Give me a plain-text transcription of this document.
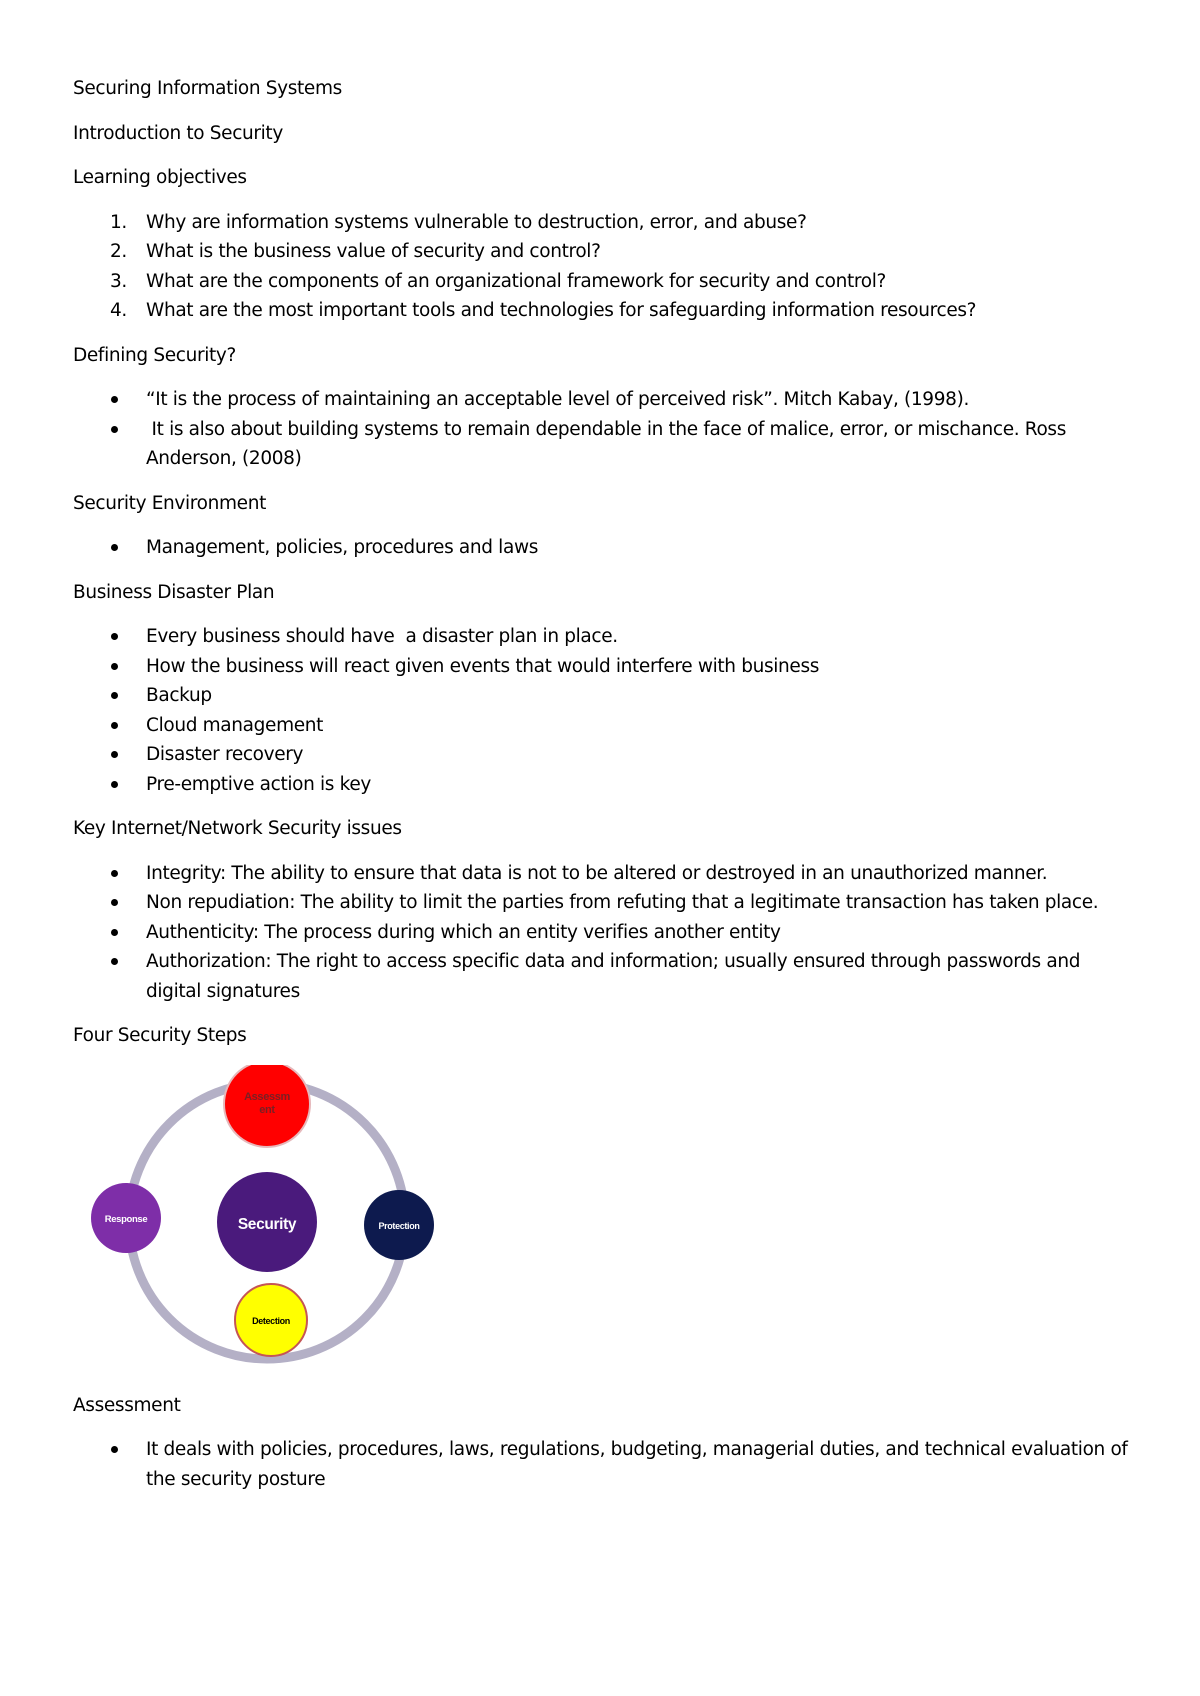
Securing Information Systems

Introduction to Security

Learning objectives

1. Why are information systems vulnerable to destruction, error, and abuse?
2. What is the business value of security and control?
3. What are the components of an organizational framework for security and control?
4. What are the most important tools and technologies for safeguarding information resources?

Defining Security?

“It is the process of maintaining an acceptable level of perceived risk”. Mitch Kabay, (1998).
It is also about building systems to remain dependable in the face of malice, error, or mischance. Ross Anderson, (2008)

Security Environment

Management, policies, procedures and laws

Business Disaster Plan

Every business should have  a disaster plan in place.
How the business will react given events that would interfere with business
Backup
Cloud management
Disaster recovery
Pre-emptive action is key

Key Internet/Network Security issues

Integrity: The ability to ensure that data is not to be altered or destroyed in an unauthorized manner.
Non repudiation: The ability to limit the parties from refuting that a legitimate transaction has taken place.
Authenticity: The process during which an entity verifies another entity
Authorization: The right to access specific data and information; usually ensured through passwords and digital signatures

Four Security Steps

Security
Assessm
ent
Protection
Detection
Response

Assessment

It deals with policies, procedures, laws, regulations, budgeting, managerial duties, and technical evaluation of the security posture
